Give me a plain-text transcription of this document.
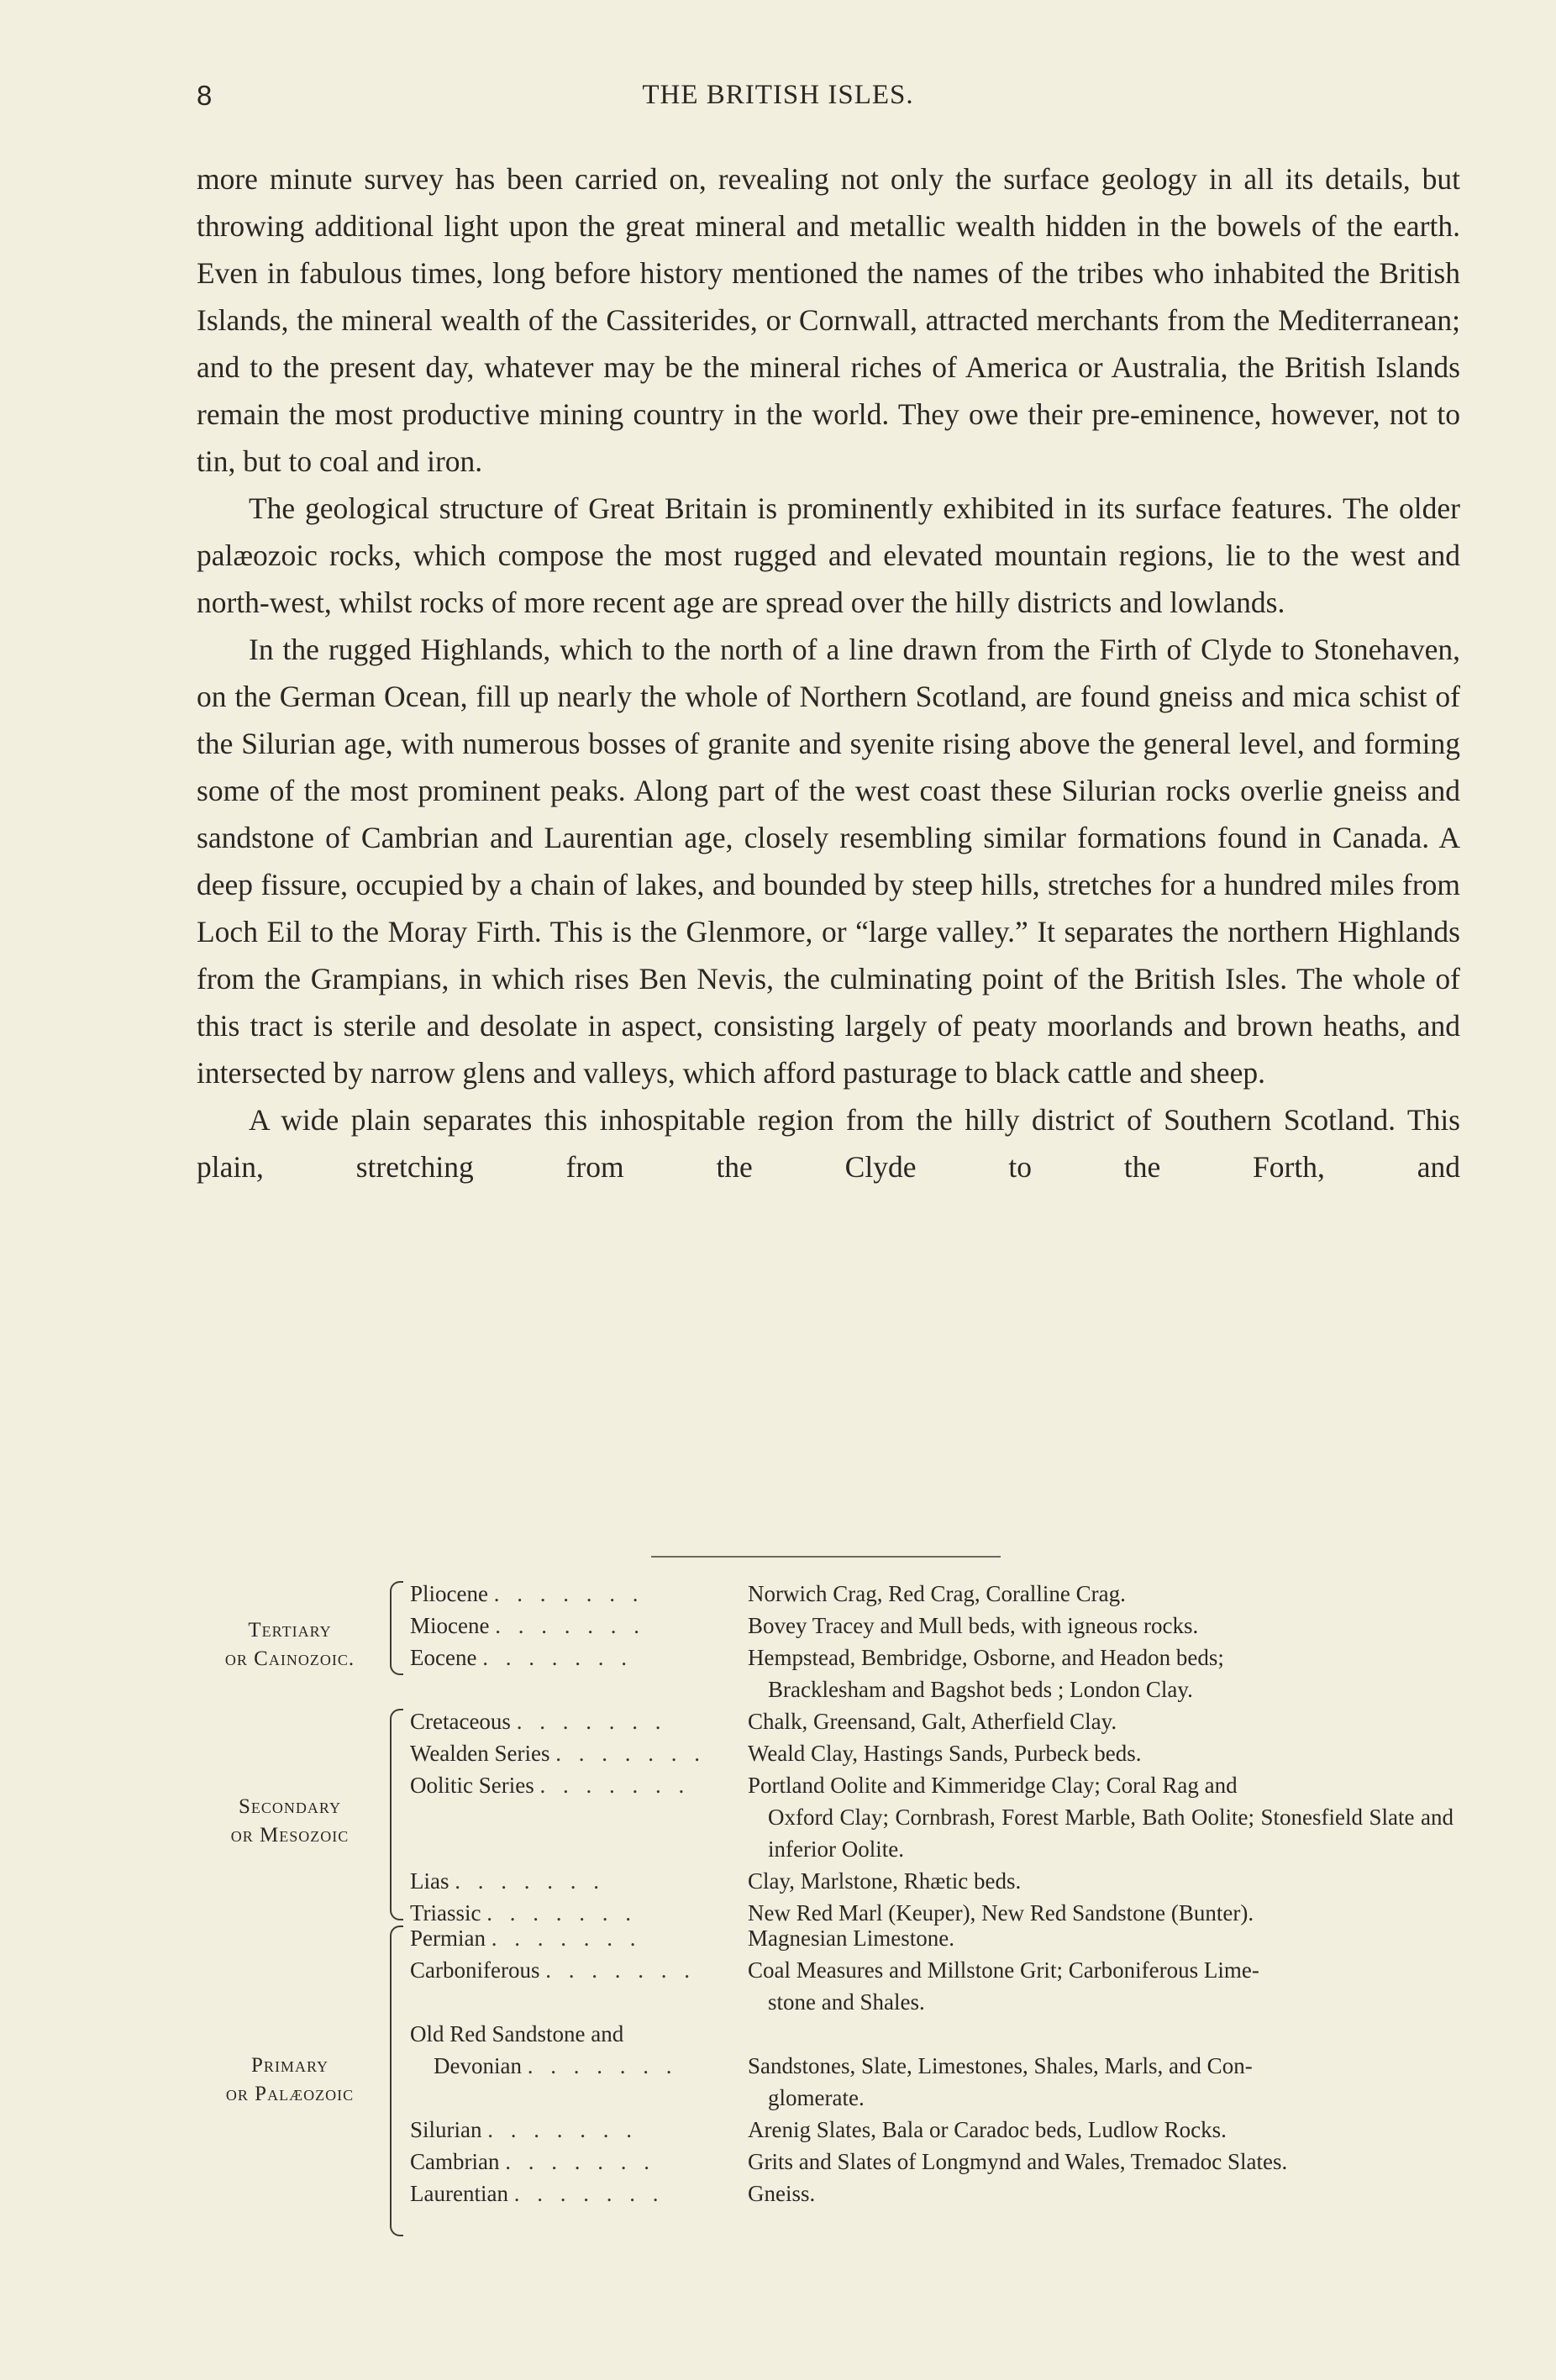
8	THE BRITISH ISLES.

more minute survey has been carried on, revealing not only the surface geology in all its details, but throwing additional light upon the great mineral and metallic wealth hidden in the bowels of the earth. Even in fabulous times, long before history mentioned the names of the tribes who inhabited the British Islands, the mineral wealth of the Cassiterides, or Cornwall, attracted merchants from the Mediterranean; and to the present day, whatever may be the mineral riches of America or Australia, the British Islands remain the most productive mining country in the world. They owe their pre-eminence, however, not to tin, but to coal and iron.

The geological structure of Great Britain is prominently exhibited in its surface features. The older palæozoic rocks, which compose the most rugged and elevated mountain regions, lie to the west and north-west, whilst rocks of more recent age are spread over the hilly districts and lowlands.

In the rugged Highlands, which to the north of a line drawn from the Firth of Clyde to Stonehaven, on the German Ocean, fill up nearly the whole of Northern Scotland, are found gneiss and mica schist of the Silurian age, with numerous bosses of granite and syenite rising above the general level, and forming some of the most prominent peaks. Along part of the west coast these Silurian rocks overlie gneiss and sandstone of Cambrian and Laurentian age, closely resembling similar formations found in Canada. A deep fissure, occupied by a chain of lakes, and bounded by steep hills, stretches for a hundred miles from Loch Eil to the Moray Firth. This is the Glenmore, or “large valley.” It separates the northern Highlands from the Grampians, in which rises Ben Nevis, the culminating point of the British Isles. The whole of this tract is sterile and desolate in aspect, consisting largely of peaty moorlands and brown heaths, and intersected by narrow glens and valleys, which afford pasturage to black cattle and sheep.

A wide plain separates this inhospitable region from the hilly district of Southern Scotland. This plain, stretching from the Clyde to the Forth, and

Tertiary
or Cainozoic.
Pliocene . . . . . . .	Norwich Crag, Red Crag, Coralline Crag.
Miocene . . . . . . .	Bovey Tracey and Mull beds, with igneous rocks.
Eocene . . . . . . .	Hempstead, Bembridge, Osborne, and Headon beds;
Bracklesham and Bagshot beds ; London Clay.
Secondary
or Mesozoic
Cretaceous . . . . . . .	Chalk, Greensand, Galt, Atherfield Clay.
Wealden Series . . . . . . .	Weald Clay, Hastings Sands, Purbeck beds.
Oolitic Series . . . . . . .	Portland Oolite and Kimmeridge Clay; Coral Rag and
Oxford Clay; Cornbrash, Forest Marble, Bath Oolite; Stonesfield Slate and inferior Oolite.
Lias . . . . . . .	Clay, Marlstone, Rhætic beds.
Triassic . . . . . . .	New Red Marl (Keuper), New Red Sandstone (Bunter).
Primary
or Palæozoic
Permian . . . . . . .	Magnesian Limestone.
Carboniferous . . . . . . .	Coal Measures and Millstone Grit; Carboniferous Lime-
stone and Shales.
Old Red Sandstone and
Devonian . . . . . . .	Sandstones, Slate, Limestones, Shales, Marls, and Con-
glomerate.
Silurian . . . . . . .	Arenig Slates, Bala or Caradoc beds, Ludlow Rocks.
Cambrian . . . . . . .	Grits and Slates of Longmynd and Wales, Tremadoc Slates.
Laurentian . . . . . . .	Gneiss.
